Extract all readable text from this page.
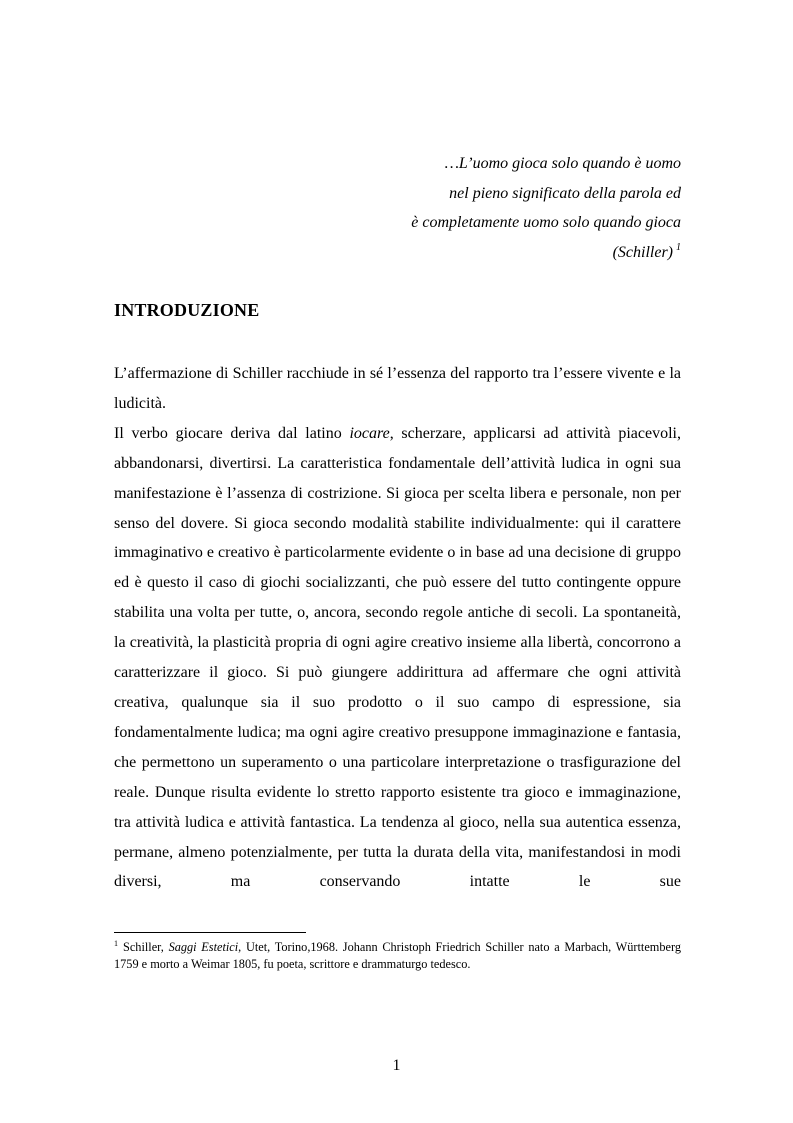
…L’uomo gioca solo quando è uomo
nel pieno significato della parola ed
è completamente uomo solo quando gioca
(Schiller) $^1$
INTRODUZIONE

L’affermazione di Schiller racchiude in sé l’essenza del rapporto tra l’essere vivente e la ludicità.

Il verbo giocare deriva dal latino iocare, scherzare, applicarsi ad attività piacevoli, abbandonarsi, divertirsi. La caratteristica fondamentale dell’attività ludica in ogni sua manifestazione è l’assenza di costrizione. Si gioca per scelta libera e personale, non per senso del dovere. Si gioca secondo modalità stabilite individualmente: qui il carattere immaginativo e creativo è particolarmente evidente o in base ad una decisione di gruppo ed è questo il caso di giochi socializzanti, che può essere del tutto contingente oppure stabilita una volta per tutte, o, ancora, secondo regole antiche di secoli. La spontaneità, la creatività, la plasticità propria di ogni agire creativo insieme alla libertà, concorrono a caratterizzare il gioco. Si può giungere addirittura ad affermare che ogni attività creativa, qualunque sia il suo prodotto o il suo campo di espressione, sia fondamentalmente ludica; ma ogni agire creativo presuppone immaginazione e fantasia, che permettono un superamento o una particolare interpretazione o trasfigurazione del reale. Dunque risulta evidente lo stretto rapporto esistente tra gioco e immaginazione, tra attività ludica e attività fantastica. La tendenza al gioco, nella sua autentica essenza, permane, almeno potenzialmente, per tutta la durata della vita, manifestandosi in modi diversi, ma conservando intatte le sue

$^1$ Schiller, Saggi Estetici, Utet, Torino,1968. Johann Christoph Friedrich Schiller nato a Marbach, Württemberg 1759 e morto a Weimar 1805, fu poeta, scrittore e drammaturgo tedesco.
1
